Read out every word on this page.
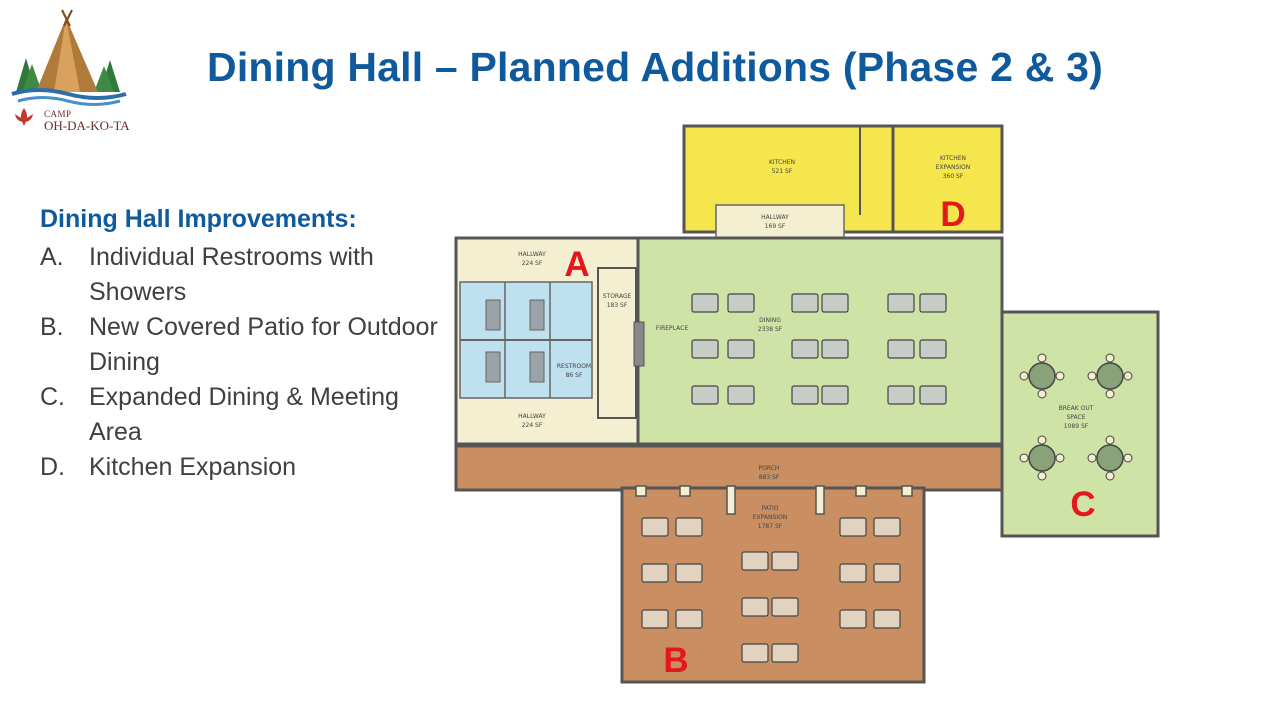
CAMP
OH-DA-KO-TA
Dining Hall – Planned Additions (Phase 2 & 3)
Dining Hall Improvements:
A. Individual Restrooms with Showers
B. New Covered Patio for Outdoor Dining
C. Expanded Dining & Meeting Area
D. Kitchen Expansion
KITCHEN 521 SF
KITCHEN EXPANSION 360 SF
HALLWAY 169 SF
HALLWAY 224 SF
HALLWAY 224 SF
STORAGE 183 SF
RESTROOM 86 SF
FIREPLACE
DINING 2338 SF
PORCH 883 SF
PATIO EXPANSION 1787 SF
BREAK OUT SPACE 1089 SF
A
B
C
D
